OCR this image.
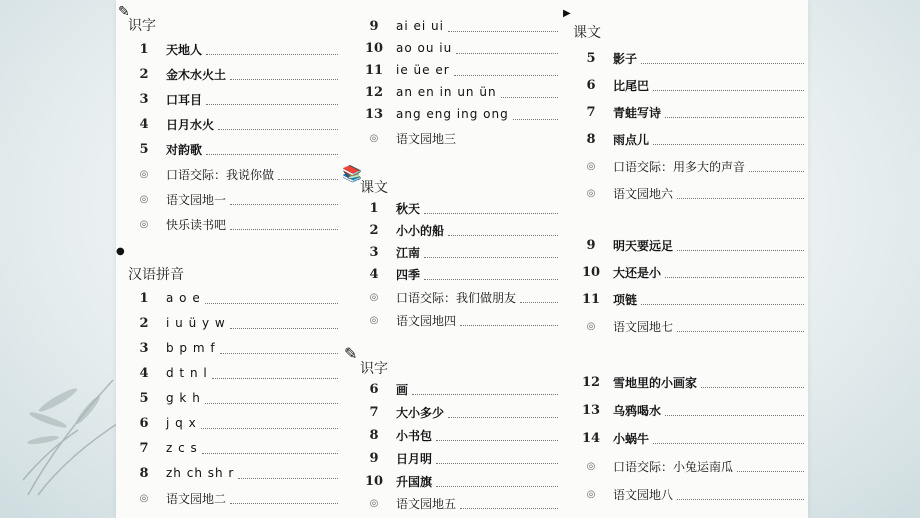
✎
识字
1	天地人
2	金木水火土
3	口耳目
4	日月水火
5	对韵歌
◎	口语交际：我说你做
◎	语文园地一
◎	快乐读书吧
●
汉语拼音
1	a o e
2	i u ü y w
3	b p m f
4	d t n l
5	g k h
6	j q x
7	z c s
8	zh ch sh r
◎	语文园地二
9	ai ei ui
10 ao ou iu
11 ie üe er
12 an en in un ün
13 ang eng ing ong
◎	语文园地三
📚
课文
1	秋天
2	小小的船
3	江南
4	四季
◎	口语交际：我们做朋友
◎	语文园地四
✎
识字
6	画
7	大小多少
8	小书包
9	日月明
10 升国旗
◎	语文园地五
▶
课文
5	影子
6	比尾巴
7	青蛙写诗
8	雨点儿
◎	口语交际：用多大的声音
◎	语文园地六
9	明天要远足
10 大还是小
11 项链
◎	语文园地七
12 雪地里的小画家
13 乌鸦喝水
14 小蜗牛
◎	口语交际：小兔运南瓜
◎	语文园地八
